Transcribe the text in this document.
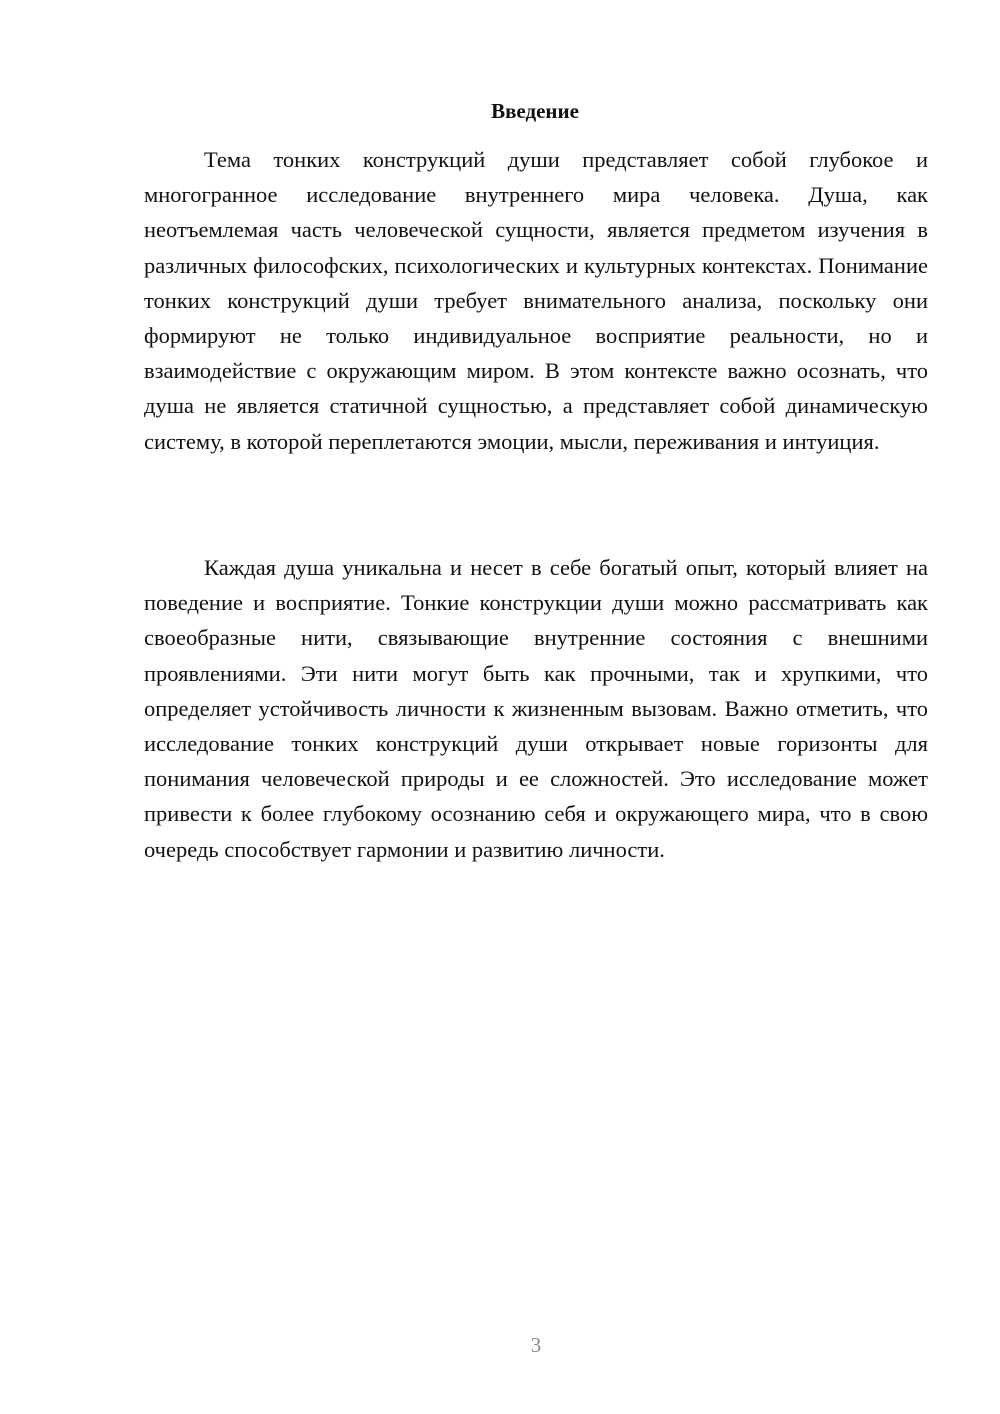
Введение

Тема тонких конструкций души представляет собой глубокое и многогранное исследование внутреннего мира человека. Душа, как неотъемлемая часть человеческой сущности, является предметом изучения в различных философских, психологических и культурных контекстах. Понимание тонких конструкций души требует внимательного анализа, поскольку они формируют не только индивидуальное восприятие реальности, но и взаимодействие с окружающим миром. В этом контексте важно осознать, что душа не является статичной сущностью, а представляет собой динамическую систему, в которой переплетаются эмоции, мысли, переживания и интуиция.

Каждая душа уникальна и несет в себе богатый опыт, который влияет на поведение и восприятие. Тонкие конструкции души можно рассматривать как своеобразные нити, связывающие внутренние состояния с внешними проявлениями. Эти нити могут быть как прочными, так и хрупкими, что определяет устойчивость личности к жизненным вызовам. Важно отметить, что исследование тонких конструкций души открывает новые горизонты для понимания человеческой природы и ее сложностей. Это исследование может привести к более глубокому осознанию себя и окружающего мира, что в свою очередь способствует гармонии и развитию личности.

3
